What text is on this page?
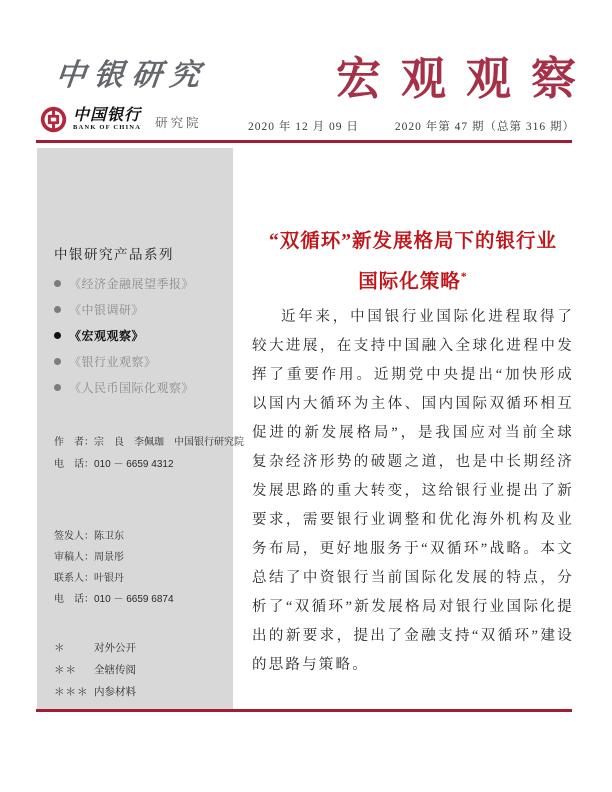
中银研究	宏观观察
中国银行
BANK OF CHINA 研究院	2020 年 12 月 09 日	2020 年第 47 期（总第 316 期）
中银研究产品系列
《经济金融展望季报》
《中银调研》
《宏观观察》
《银行业观察》
《人民币国际化观察》
作　者：宗　良　李佩珈　中国银行研究院
电　话：010 － 6659 4312
签发人：陈卫东
审稿人：周景彤
联系人：叶银丹
电　话：010 － 6659 6874
＊	对外公开
＊＊ 全辖传阅
＊＊＊ 内参材料
“双循环”新发展格局下的银行业
国际化策略*

近年来，中国银行业国际化进程取得了较大进展，在支持中国融入全球化进程中发挥了重要作用。近期党中央提出“加快形成以国内大循环为主体、国内国际双循环相互促进的新发展格局”，是我国应对当前全球复杂经济形势的破题之道，也是中长期经济发展思路的重大转变，这给银行业提出了新要求，需要银行业调整和优化海外机构及业务布局，更好地服务于“双循环”战略。本文总结了中资银行当前国际化发展的特点，分析了“双循环”新发展格局对银行业国际化提出的新要求，提出了金融支持“双循环”建设的思路与策略。
